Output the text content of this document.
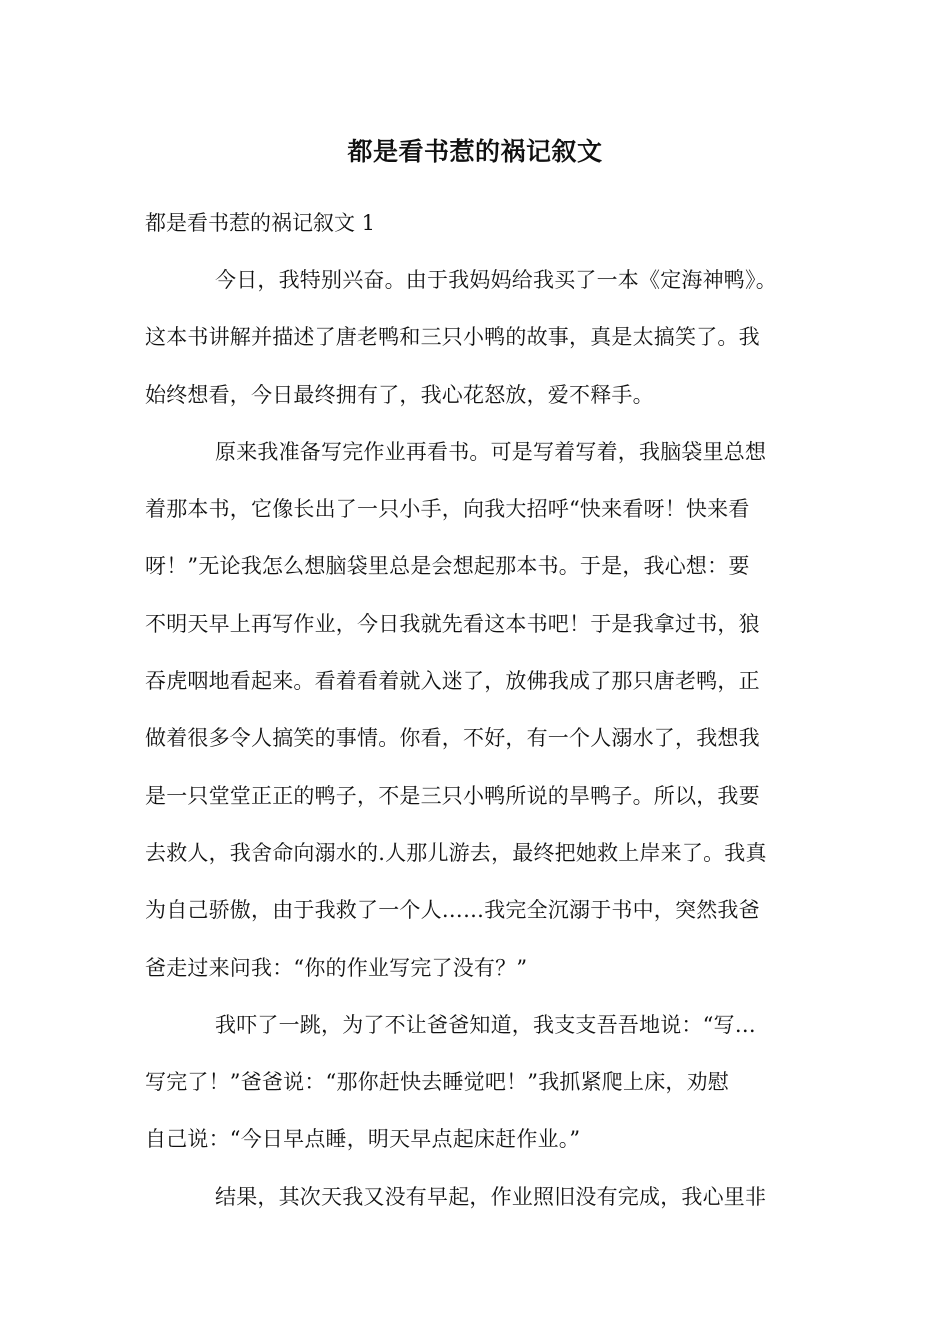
都是看书惹的祸记叙文
都是看书惹的祸记叙文 1
今日，我特别兴奋。由于我妈妈给我买了一本《定海神鸭》。
这本书讲解并描述了唐老鸭和三只小鸭的故事，真是太搞笑了。我
始终想看，今日最终拥有了，我心花怒放，爱不释手。
原来我准备写完作业再看书。可是写着写着，我脑袋里总想
着那本书，它像长出了一只小手，向我大招呼“快来看呀！快来看
呀！”无论我怎么想脑袋里总是会想起那本书。于是，我心想：要
不明天早上再写作业，今日我就先看这本书吧！于是我拿过书，狼
吞虎咽地看起来。看着看着就入迷了，放佛我成了那只唐老鸭，正
做着很多令人搞笑的事情。你看，不好，有一个人溺水了，我想我
是一只堂堂正正的鸭子，不是三只小鸭所说的旱鸭子。所以，我要
去救人，我舍命向溺水的.人那儿游去，最终把她救上岸来了。我真
为自己骄傲，由于我救了一个人……我完全沉溺于书中，突然我爸
爸走过来问我：“你的作业写完了没有？”
我吓了一跳，为了不让爸爸知道，我支支吾吾地说：“写…
写完了！”爸爸说：“那你赶快去睡觉吧！”我抓紧爬上床，劝慰
自己说：“今日早点睡，明天早点起床赶作业。”
结果，其次天我又没有早起，作业照旧没有完成，我心里非
